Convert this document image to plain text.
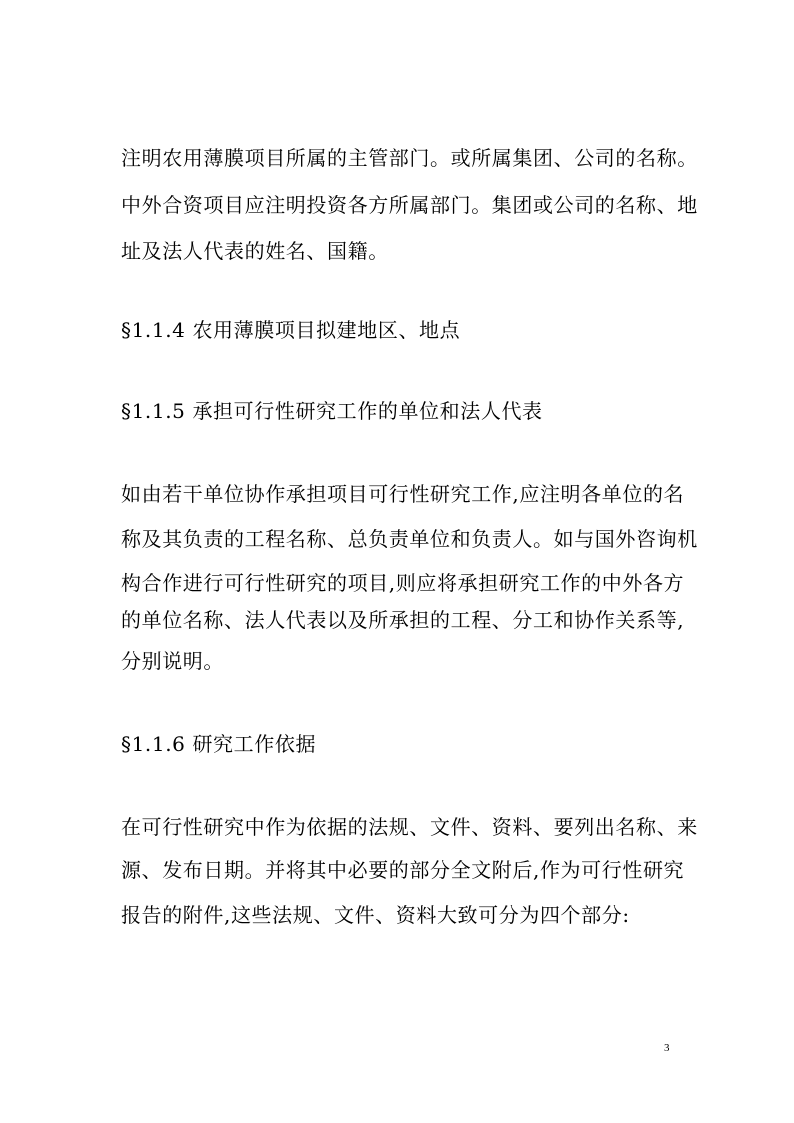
注明农用薄膜项目所属的主管部门。或所属集团、公司的名称。
中外合资项目应注明投资各方所属部门。集团或公司的名称、地
址及法人代表的姓名、国籍。
§1.1.4 农用薄膜项目拟建地区、地点
§1.1.5 承担可行性研究工作的单位和法人代表
如由若干单位协作承担项目可行性研究工作,应注明各单位的名
称及其负责的工程名称、总负责单位和负责人。如与国外咨询机
构合作进行可行性研究的项目,则应将承担研究工作的中外各方
的单位名称、法人代表以及所承担的工程、分工和协作关系等,
分别说明。
§1.1.6 研究工作依据
在可行性研究中作为依据的法规、文件、资料、要列出名称、来
源、发布日期。并将其中必要的部分全文附后,作为可行性研究
报告的附件,这些法规、文件、资料大致可分为四个部分:
3
